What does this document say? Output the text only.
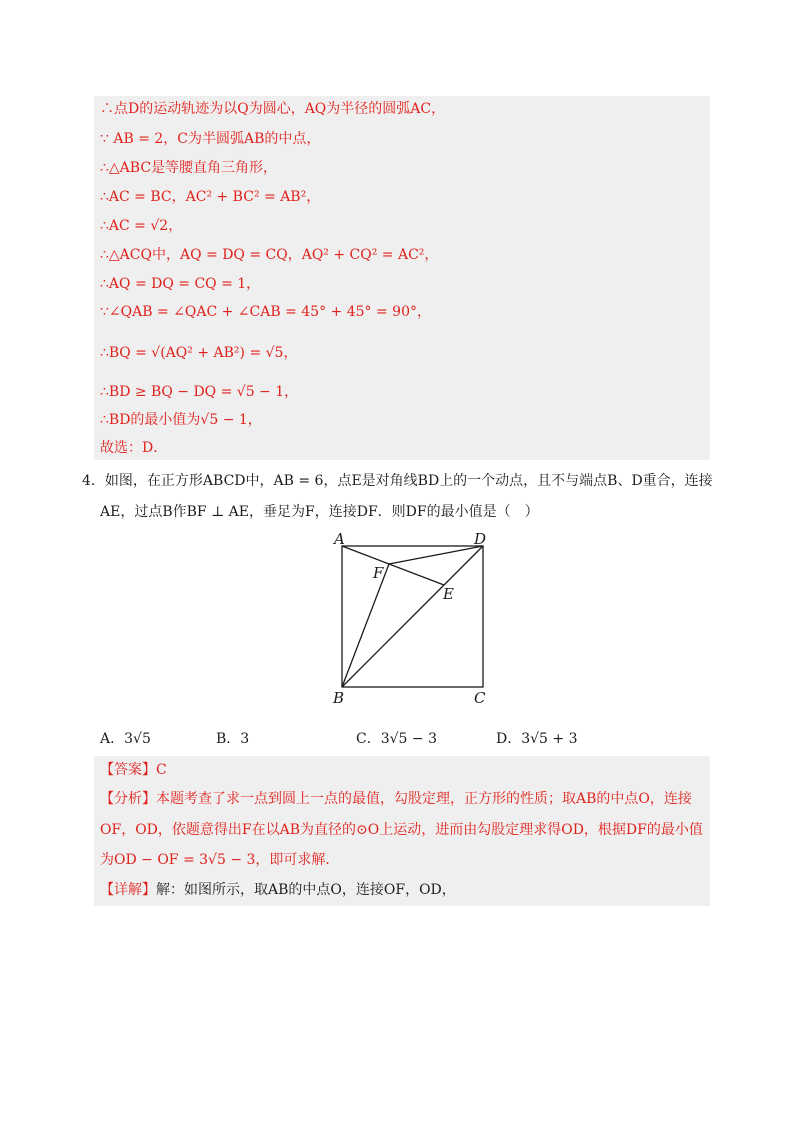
∴点D的运动轨迹为以Q为圆心，AQ为半径的圆弧AC，
∵ AB = 2，C为半圆弧AB的中点，
∴△ABC是等腰直角三角形，
∴AC = BC，AC² + BC² = AB²，
∴AC = √2，
∴△ACQ中，AQ = DQ = CQ，AQ² + CQ² = AC²，
∴AQ = DQ = CQ = 1，
∵∠QAB = ∠QAC + ∠CAB = 45° + 45° = 90°，
∴BQ = √(AQ² + AB²) = √5，
∴BD ≥ BQ − DQ = √5 − 1，
∴BD的最小值为√5 − 1，
故选：D．
4．如图，在正方形ABCD中，AB = 6，点E是对角线BD上的一个动点，且不与端点B、D重合，连接
AE，过点B作BF ⊥ AE，垂足为F，连接DF．则DF的最小值是（　）
A	D
F
E
B	C
A．3√5	B．3	C．3√5 − 3	D．3√5 + 3
【答案】C
【分析】本题考查了求一点到圆上一点的最值，勾股定理，正方形的性质；取AB的中点O，连接
OF，OD，依题意得出F在以AB为直径的⊙O上运动，进而由勾股定理求得OD，根据DF的最小值
为OD − OF = 3√5 − 3，即可求解．
【详解】解：如图所示，取AB的中点O，连接OF，OD，
